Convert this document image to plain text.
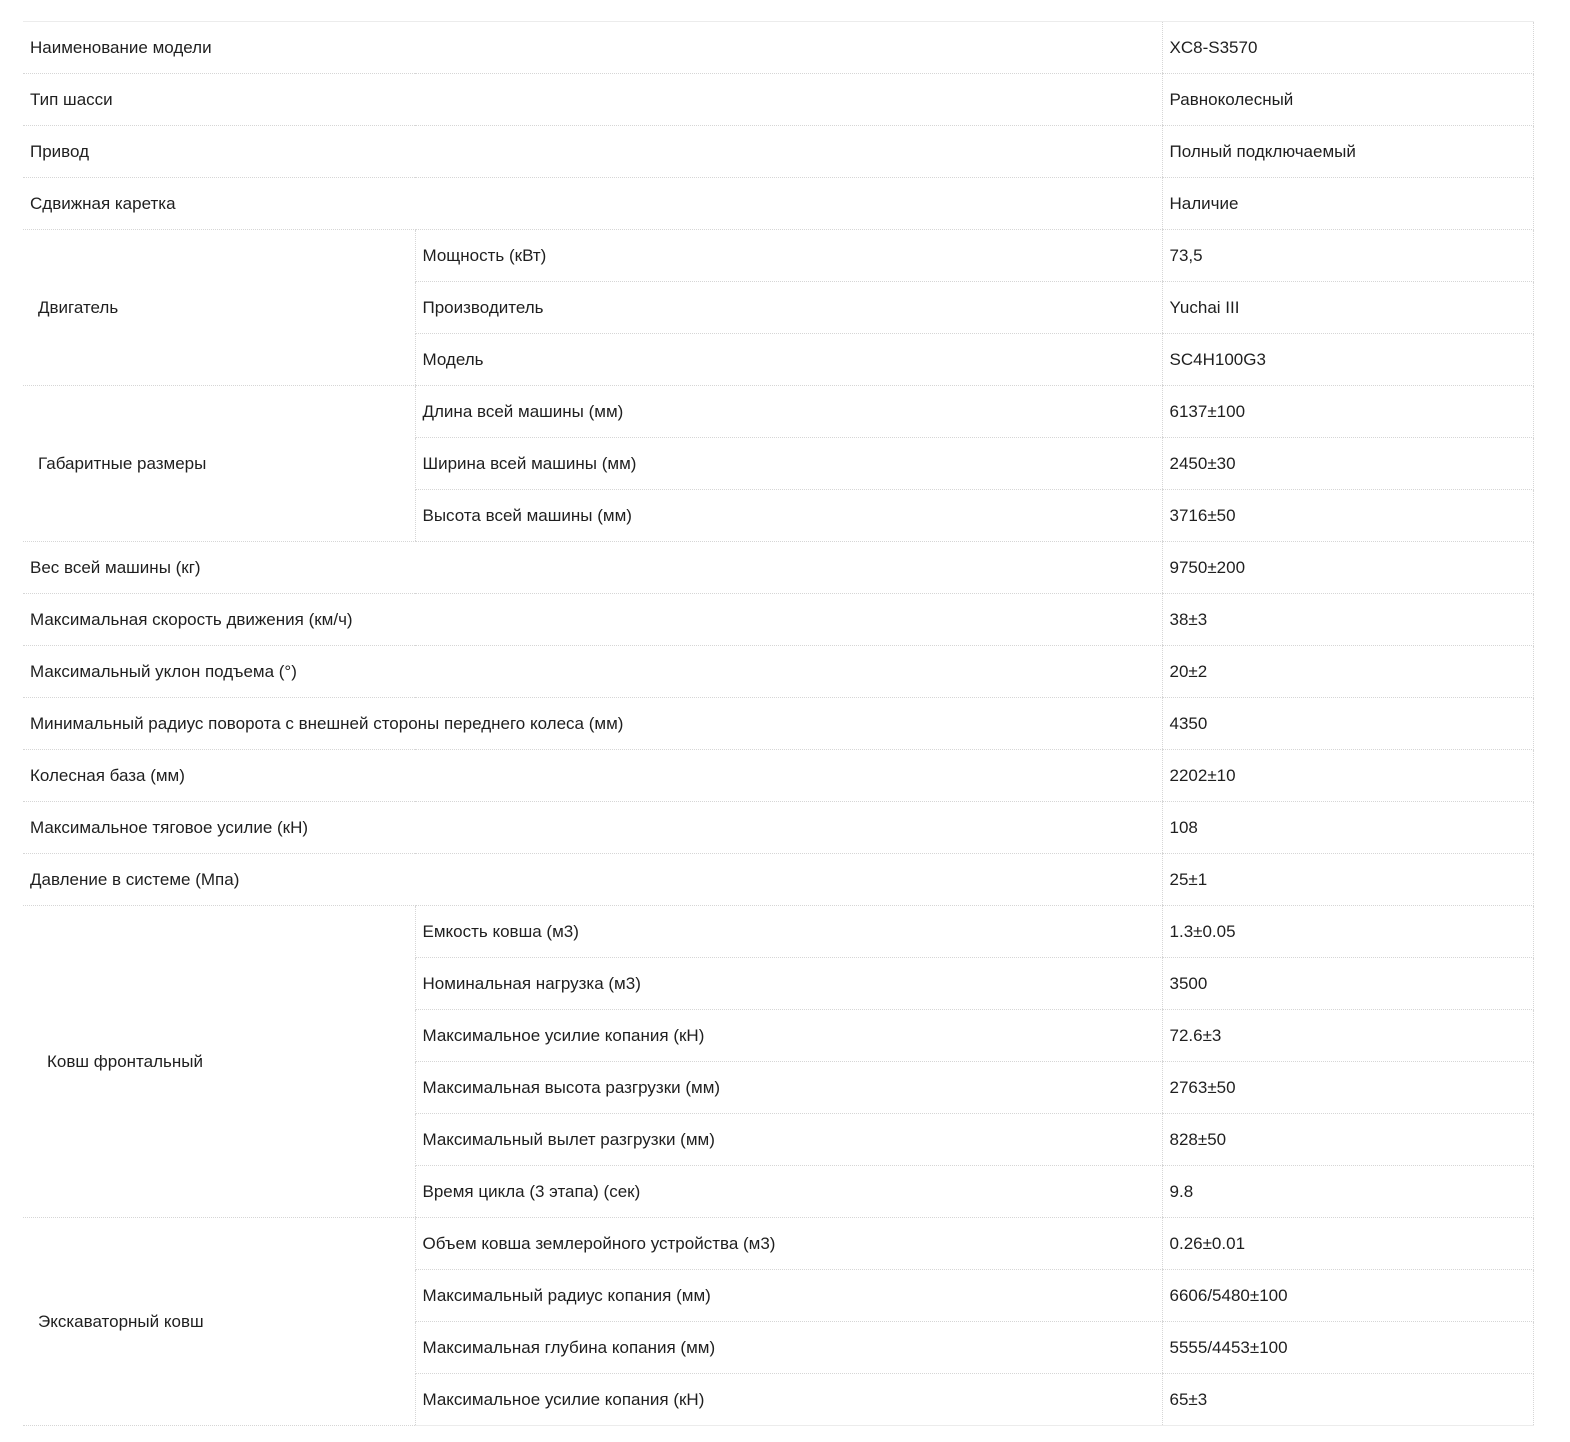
Наименование модели		XC8-S3570
Тип шасси		Равноколесный
Привод		Полный подключаемый
Сдвижная каретка		Наличие
Двигатель	Мощность (кВт)	73,5
	Производитель	Yuchai III
	Модель	SC4H100G3
Габаритные размеры	Длина всей машины (мм)	6137±100
	Ширина всей машины (мм)	2450±30
	Высота всей машины (мм)	3716±50
Вес всей машины (кг)		9750±200
Максимальная скорость движения (км/ч)		38±3
Максимальный уклон подъема (°)		20±2
Минимальный радиус поворота с внешней стороны переднего колеса (мм)		4350
Колесная база (мм)		2202±10
Максимальное тяговое усилие (кН)		108
Давление в системе (Мпа)		25±1
Ковш фронтальный	Емкость ковша (м3)	1.3±0.05
	Номинальная нагрузка (м3)	3500
	Максимальное усилие копания (кН)	72.6±3
	Максимальная высота разгрузки (мм)	2763±50
	Максимальный вылет разгрузки (мм)	828±50
	Время цикла (3 этапа) (сек)	9.8
Экскаваторный ковш	Объем ковша землеройного устройства (м3)	0.26±0.01
	Максимальный радиус копания (мм)	6606/5480±100
	Максимальная глубина копания (мм)	5555/4453±100
	Максимальное усилие копания (кН)	65±3
